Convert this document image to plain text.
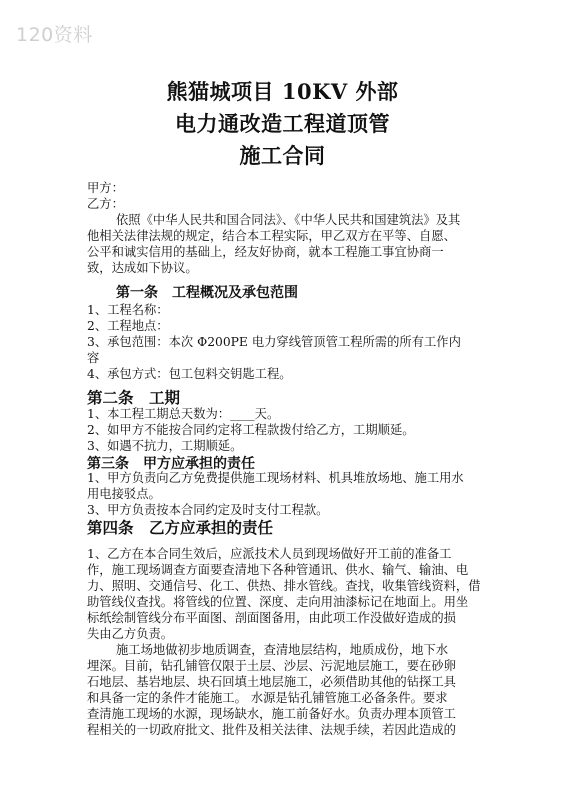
120资料
熊猫城项目 10KV 外部
电力通改造工程道顶管
施工合同
甲方：
乙方：
依照《中华人民共和国合同法》、《中华人民共和国建筑法》及其
他相关法律法规的规定，结合本工程实际，甲乙双方在平等、自愿、
公平和诚实信用的基础上，经友好协商，就本工程施工事宜协商一
致，达成如下协议。
第一条　工程概况及承包范围
1、工程名称：
2、工程地点：
3、承包范围：本次 Φ200PE 电力穿线管顶管工程所需的所有工作内
容
4、承包方式：包工包料交钥匙工程。
第二条　工期
1、本工程工期总天数为：____天。
2、如甲方不能按合同约定将工程款拨付给乙方，工期顺延。
3、如遇不抗力，工期顺延。
第三条　甲方应承担的责任
1、甲方负责向乙方免费提供施工现场材料、机具堆放场地、施工用水
用电接驳点。
3、甲方负责按本合同约定及时支付工程款。
第四条　乙方应承担的责任
1、乙方在本合同生效后，应派技术人员到现场做好开工前的准备工
作，施工现场调查方面要查清地下各种管通讯、供水、输气、输油、电
力、照明、交通信号、化工、供热、排水管线。查找，收集管线资料，借
助管线仪查找。将管线的位置、深度、走向用油漆标记在地面上。用坐
标纸绘制管线分布平面图、剖面图备用，由此项工作没做好造成的损
失由乙方负责。
施工场地做初步地质调查，查清地层结构，地质成份，地下水
埋深。目前，钻孔铺管仅限于土层、沙层、污泥地层施工，要在砂卵
石地层、基岩地层、块石回填土地层施工，必须借助其他的钻探工具
和具备一定的条件才能施工。 水源是钻孔铺管施工必备条件。要求
查清施工现场的水源，现场缺水，施工前备好水。负责办理本顶管工
程相关的一切政府批文、批件及相关法律、法规手续，若因此造成的
